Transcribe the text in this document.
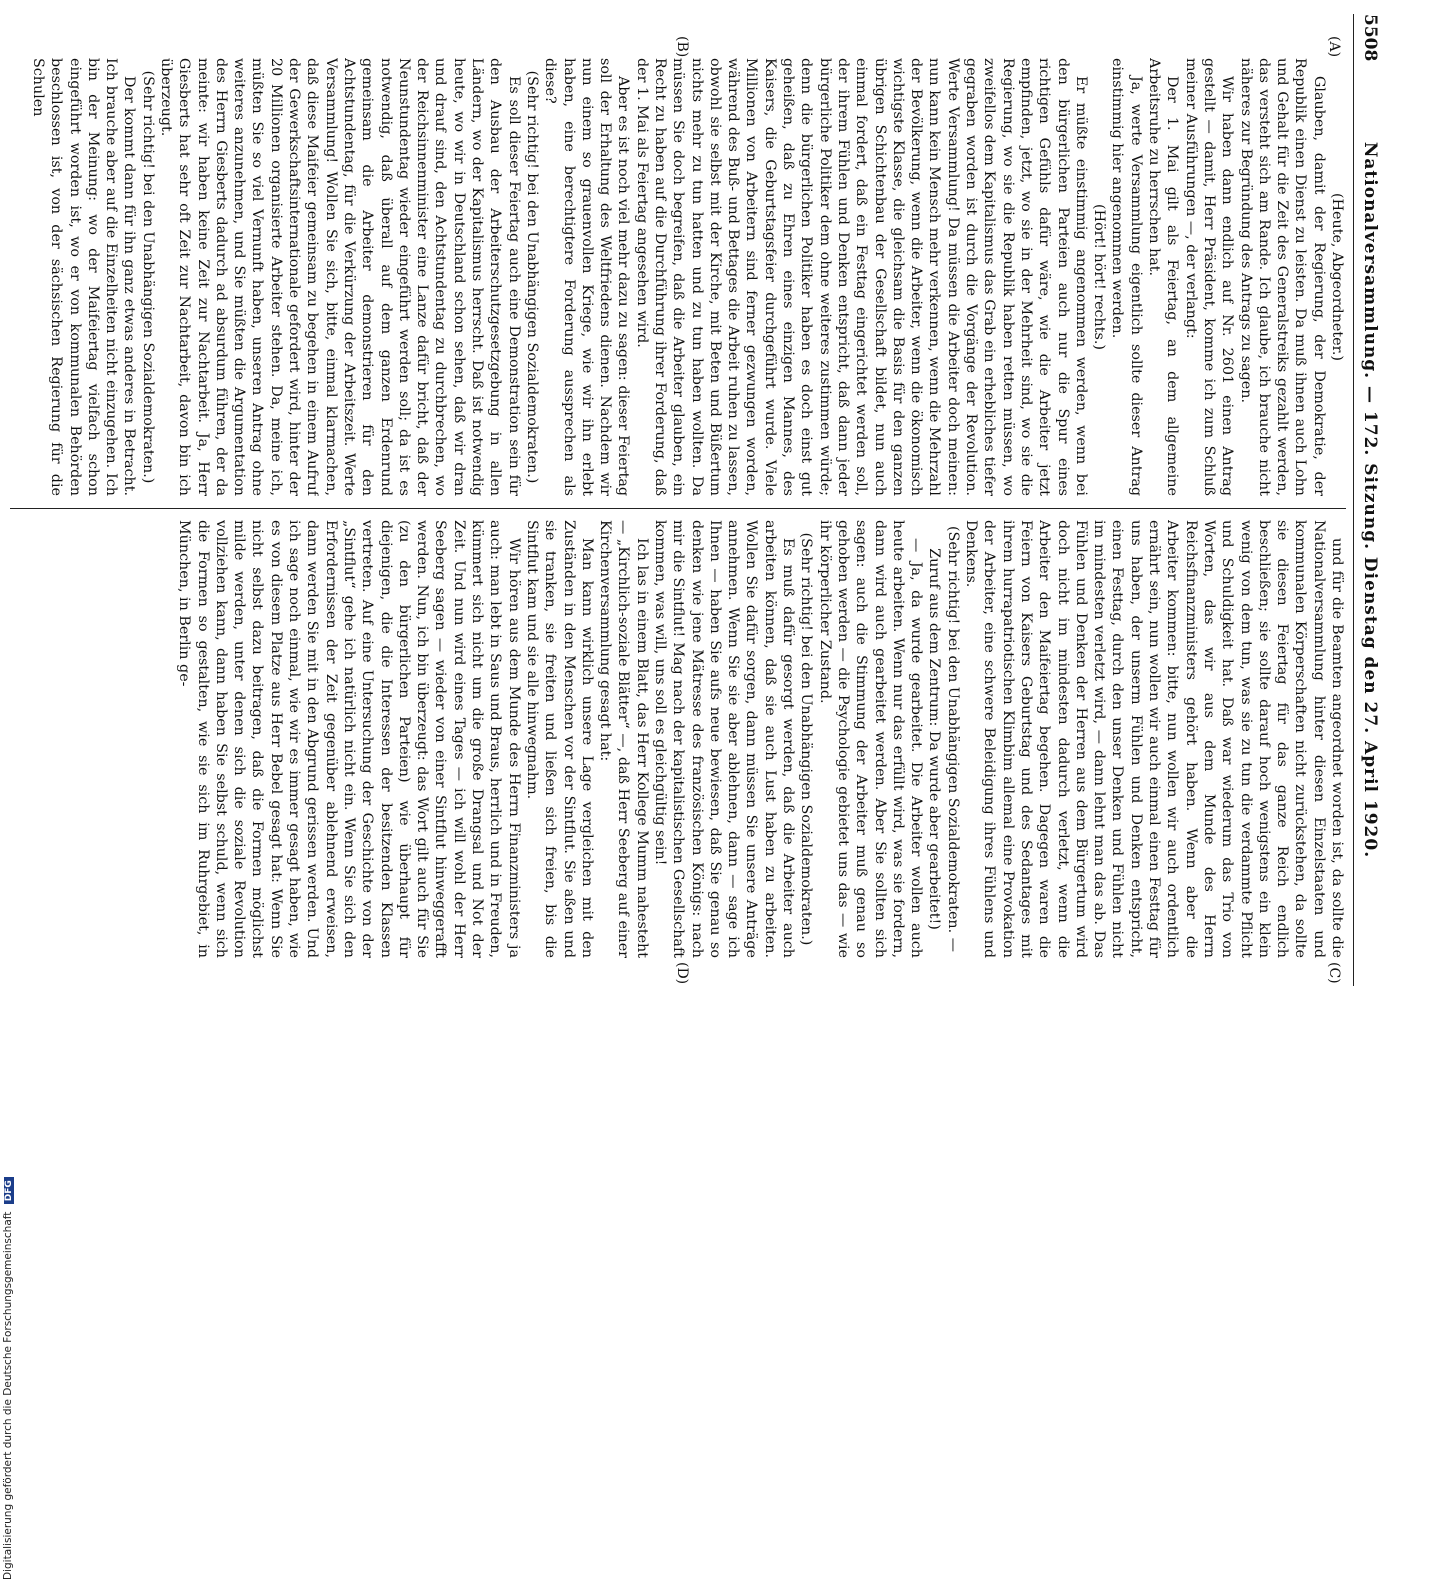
5508
Nationalversammlung. — 172. Sitzung. Dienstag den 27. April 1920.
(A)
(B)
(C)
(D)

(Heute, Abgeordneter.)

Glauben, damit der Regierung, der Demokratie, der Republik einen Dienst zu leisten. Da muß ihnen auch Lohn und Gehalt für die Zeit des Generalstreiks gezahlt werden, das versteht sich am Rande. Ich glaube, ich brauche nicht näheres zur Begründung des Antrags zu sagen.

Wir haben dann endlich auf Nr. 2601 einen Antrag gestellt — damit, Herr Präsident, komme ich zum Schluß meiner Ausführungen —, der verlangt:

Der 1. Mai gilt als Feiertag, an dem allgemeine Arbeitsruhe zu herrschen hat.

Ja, werte Versammlung eigentlich sollte dieser Antrag einstimmig hier angenommen werden.

(Hört! hört! rechts.)

Er müßte einstimmig angenommen werden, wenn bei den bürgerlichen Parteien auch nur die Spur eines richtigen Gefühls dafür wäre, wie die Arbeiter jetzt empfinden, jetzt, wo sie in der Mehrheit sind, wo sie die Regierung, wo sie die Republik haben retten müssen, wo zweifellos dem Kapitalismus das Grab ein erhebliches tiefer gegraben worden ist durch die Vorgänge der Revolution. Werte Versammlung! Da müssen die Arbeiter doch meinen: nun kann kein Mensch mehr verkennen, wenn die Mehrzahl der Bevölkerung, wenn die Arbeiter, wenn die ökonomisch wichtigste Klasse, die gleichsam die Basis für den ganzen übrigen Schichtenbau der Gesellschaft bildet, nun auch einmal fordert, daß ein Festtag eingerichtet werden soll, der ihrem Fühlen und Denken entspricht, daß dann jeder bürgerliche Politiker dem ohne weiteres zustimmen würde; denn die bürgerlichen Politiker haben es doch einst gut geheißen, daß zu Ehren eines einzigen Mannes, des Kaisers, die Geburtstagsfeier durchgeführt wurde. Viele Millionen von Arbeitern sind ferner gezwungen worden, während des Buß- und Bettages die Arbeit ruhen zu lassen, obwohl sie selbst mit der Kirche, mit Beten und Büßertum nichts mehr zu tun hatten und zu tun haben wollten. Da müssen Sie doch begreifen, daß die Arbeiter glauben, ein Recht zu haben auf die Durchführung ihrer Forderung, daß der 1. Mai als Feiertag angesehen wird.

Aber es ist noch viel mehr dazu zu sagen: dieser Feiertag soll der Erhaltung des Weltfriedens dienen. Nachdem wir nun einem so grauenvollen Kriege, wie wir ihn erlebt haben, eine berechtigtere Forderung aussprechen als diese?

(Sehr richtig! bei den Unabhängigen Sozialdemokraten.)

Es soll dieser Feiertag auch eine Demonstration sein für den Ausbau der Arbeiterschutzgesetzgebung in allen Ländern, wo der Kapitalismus herrscht. Daß ist notwendig heute, wo wir in Deutschland schon sehen, daß wir dran und drauf sind, den Achtstundentag zu durchbrechen, wo der Reichsinnenminister eine Lanze dafür bricht, daß der Neunstundentag wieder eingeführt werden soll; da ist es notwendig, daß überall auf dem ganzen Erdenrund gemeinsam die Arbeiter demonstrieren für den Achtstundentag, für die Verkürzung der Arbeitszeit. Werte Versammlung! Wollen Sie sich, bitte, einmal klarmachen, daß diese Maifeier gemeinsam zu begehen in einem Aufruf der Gewerkschaftsinternationale gefordert wird, hinter der 20 Millionen organisierte Arbeiter stehen. Da, meine ich, müßten Sie so viel Vernunft haben, unseren Antrag ohne weiteres anzunehmen, und Sie müßten die Argumentation des Herrn Giesberts dadurch ad absurdum führen, der da meinte: wir haben keine Zeit zur Nachtarbeit. Ja, Herr Giesberts hat sehr oft Zeit zur Nachtarbeit, davon bin ich überzeugt.

(Sehr richtig! bei den Unabhängigen Sozialdemokraten.)

Der kommt dann für ihn ganz etwas anderes in Betracht. Ich brauche aber auf die Einzelheiten nicht einzugehen. Ich bin der Meinung: wo der Maifeiertag vielfach schon eingeführt worden ist, wo er von kommunalen Behörden beschlossen ist, von der sächsischen Regierung für die Schulen

und für die Beamten angeordnet worden ist, da sollte die Nationalversammlung hinter diesen Einzelstaaten und kommunalen Körperschaften nicht zurückstehen, da sollte sie diesen Feiertag für das ganze Reich endlich beschließen; sie sollte darauf hoch wenigstens ein klein wenig von dem tun, was sie zu tun die verdammte Pflicht und Schuldigkeit hat. Daß war wiederum das Trio von Worten, das wir aus dem Munde des Herrn Reichsfinanzministers gehört haben. Wenn aber die Arbeiter kommen: bitte, nun wollen wir auch ordentlich ernährt sein, nun wollen wir auch einmal einen Festtag für uns haben, der unserm Fühlen und Denken entspricht, einen Festtag, durch den unser Denken und Fühlen nicht im mindesten verletzt wird, — dann lehnt man das ab. Das Fühlen und Denken der Herren aus dem Bürgertum wird doch nicht im mindesten dadurch verletzt, wenn die Arbeiter den Maifeiertag begehen. Dagegen waren die Feiern von Kaisers Geburtstag und des Sedantages mit ihrem hurrapatriotischen Klimbim allemal eine Provokation der Arbeiter, eine schwere Beleidigung ihres Fühlens und Denkens.

(Sehr richtig! bei den Unabhängigen Sozialdemokraten. — Zuruf aus dem Zentrum: Da wurde aber gearbeitet!)

— Ja, da wurde gearbeitet. Die Arbeiter wollen auch heute arbeiten. Wenn nur das erfüllt wird, was sie fordern, dann wird auch gearbeitet werden. Aber Sie sollten sich sagen: auch die Stimmung der Arbeiter muß genau so gehoben werden — die Psychologie gebietet uns das — wie ihr körperlicher Zustand.

(Sehr richtig! bei den Unabhängigen Sozialdemokraten.)

Es muß dafür gesorgt werden, daß die Arbeiter auch arbeiten können, daß sie auch Lust haben zu arbeiten. Wollen Sie dafür sorgen, dann müssen Sie unsere Anträge annehmen. Wenn Sie sie aber ablehnen, dann — sage ich Ihnen — haben Sie aufs neue bewiesen, daß Sie genau so denken wie jene Mätresse des französischen Königs: nach mir die Sintflut! Mag nach der kapitalistischen Gesellschaft kommen, was will, uns soll es gleichgültig sein!

Ich las in einem Blatt, das Herr Kollege Mumm nahesteht — „Kirchlich-soziale Blätter“ —, daß Herr Seeberg auf einer Kirchenversammlung gesagt hat:

Man kann wirklich unsere Lage vergleichen mit den Zuständen in den Menschen vor der Sintflut. Sie aßen und sie tranken, sie freiten und ließen sich freien, bis die Sintflut kam und sie alle hinwegnahm.

Wir hören aus dem Munde des Herrn Finanzministers ja auch: man lebt in Saus und Braus, herrlich und in Freuden, kümmert sich nicht um die große Drangsal und Not der Zeit. Und nun wird eines Tages — ich will wohl der Herr Seeberg sagen — wieder von einer Sintflut hinweggerafft werden. Nun, ich bin überzeugt: das Wort gilt auch für Sie (zu den bürgerlichen Parteien) wie überhaupt für diejenigen, die die Interessen der besitzenden Klassen vertreten. Auf eine Untersuchung der Geschichte von der „Sintflut“ gehe ich natürlich nicht ein. Wenn Sie sich den Erfordernissen der Zeit gegenüber ablehnend erweisen, dann werden Sie mit in den Abgrund gerissen werden. Und ich sage noch einmal, wie wir es immer gesagt haben, wie es von diesem Platze aus Herr Bebel gesagt hat: Wenn Sie nicht selbst dazu beitragen, daß die Formen möglichst milde werden, unter denen sich die soziale Revolution vollziehen kann, dann haben Sie selbst schuld, wenn sich die Formen so gestalten, wie sie sich im Ruhrgebiet, in München, in Berlin ge-

Digitalisierung gefördert durch die Deutsche Forschungsgemeinschaft DFG
